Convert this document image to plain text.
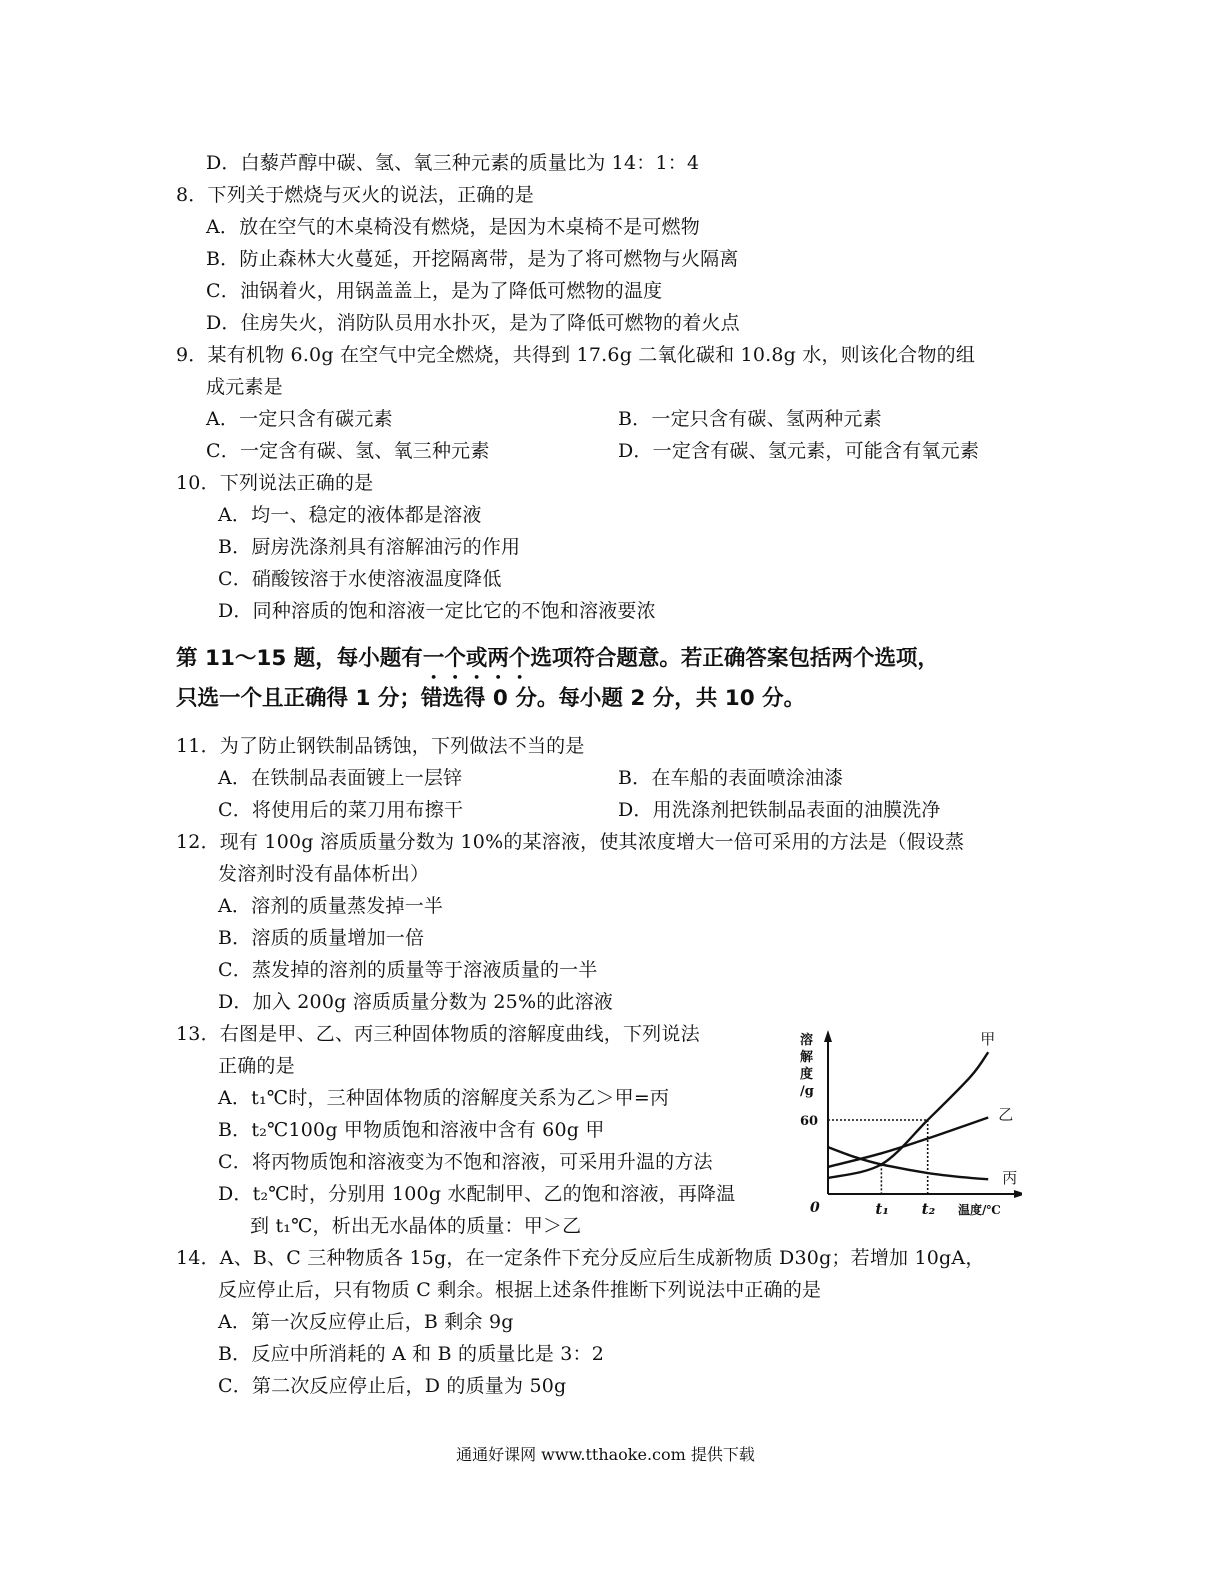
D．白藜芦醇中碳、氢、氧三种元素的质量比为 14：1：4
8．下列关于燃烧与灭火的说法，正确的是
A．放在空气的木桌椅没有燃烧，是因为木桌椅不是可燃物
B．防止森林大火蔓延，开挖隔离带，是为了将可燃物与火隔离
C．油锅着火，用锅盖盖上，是为了降低可燃物的温度
D．住房失火，消防队员用水扑灭，是为了降低可燃物的着火点
9．某有机物 6.0g 在空气中完全燃烧，共得到 17.6g 二氧化碳和 10.8g 水，则该化合物的组
成元素是
A．一定只含有碳元素	B．一定只含有碳、氢两种元素
C．一定含有碳、氢、氧三种元素	D．一定含有碳、氢元素，可能含有氧元素
10．下列说法正确的是
A．均一、稳定的液体都是溶液
B．厨房洗涤剂具有溶解油污的作用
C．硝酸铵溶于水使溶液温度降低
D．同种溶质的饱和溶液一定比它的不饱和溶液要浓
第 11～15 题，每小题有一个或两个选项符合题意。若正确答案包括两个选项，
只选一个且正确得 1 分；错选得 0 分。每小题 2 分，共 10 分。
11．为了防止钢铁制品锈蚀，下列做法不当的是
A．在铁制品表面镀上一层锌	B．在车船的表面喷涂油漆
C．将使用后的菜刀用布擦干	D．用洗涤剂把铁制品表面的油膜洗净
12．现有 100g 溶质质量分数为 10%的某溶液，使其浓度增大一倍可采用的方法是（假设蒸
发溶剂时没有晶体析出）
A．溶剂的质量蒸发掉一半
B．溶质的质量增加一倍
C．蒸发掉的溶剂的质量等于溶液质量的一半
D．加入 200g 溶质质量分数为 25%的此溶液
13．右图是甲、乙、丙三种固体物质的溶解度曲线，下列说法
正确的是
A．t₁℃时，三种固体物质的溶解度关系为乙＞甲=丙
B．t₂℃100g 甲物质饱和溶液中含有 60g 甲
C．将丙物质饱和溶液变为不饱和溶液，可采用升温的方法
D．t₂℃时，分别用 100g 水配制甲、乙的饱和溶液，再降温
到 t₁℃，析出无水晶体的质量：甲＞乙
甲
乙
丙
溶
解
度
/g
60
0	t₁ t₂ 温度/℃
14．A、B、C 三种物质各 15g，在一定条件下充分反应后生成新物质 D30g；若增加 10gA，
反应停止后，只有物质 C 剩余。根据上述条件推断下列说法中正确的是
A．第一次反应停止后，B 剩余 9g
B．反应中所消耗的 A 和 B 的质量比是 3：2
C．第二次反应停止后，D 的质量为 50g
通通好课网 www.tthaoke.com 提供下载
